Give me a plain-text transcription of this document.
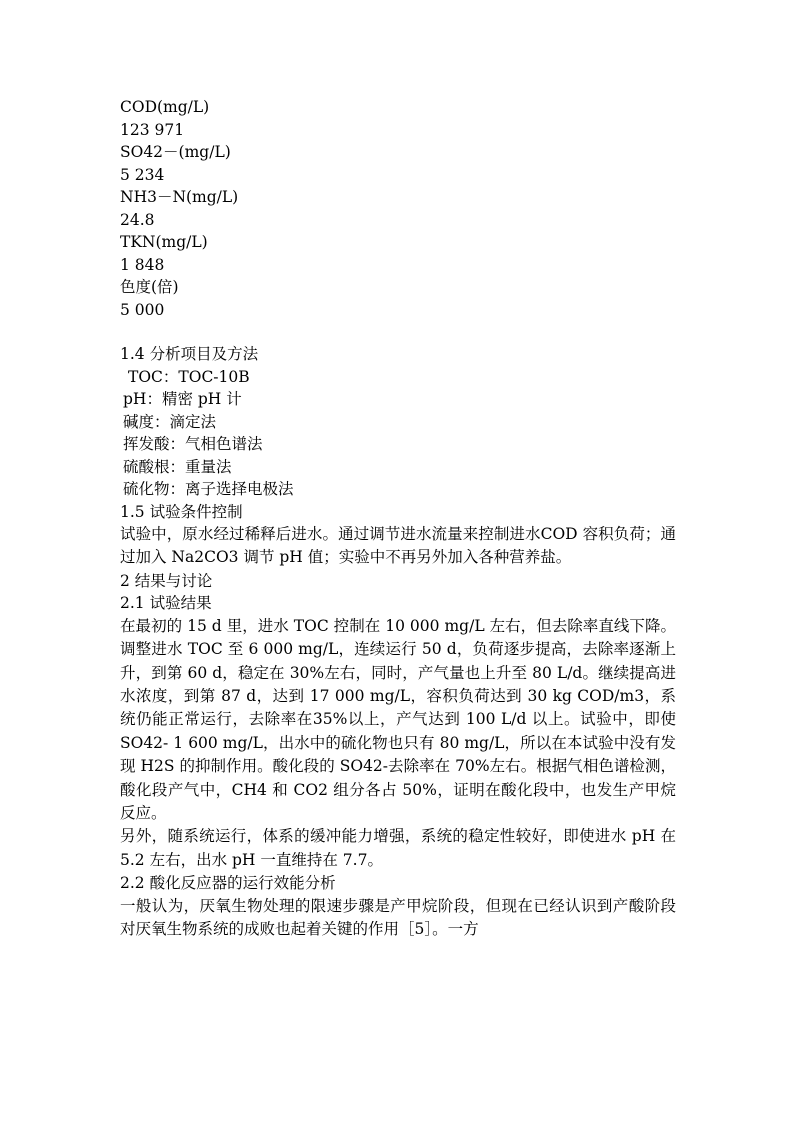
COD(mg/L)
123 971
SO42－(mg/L)
5 234
NH3－N(mg/L)
24.8
TKN(mg/L)
1 848
色度(倍)
5 000
1.4 分析项目及方法
TOC：TOC-10B
pH：精密 pH 计
碱度：滴定法
挥发酸：气相色谱法
硫酸根：重量法
硫化物：离子选择电极法
1.5 试验条件控制

试验中，原水经过稀释后进水。通过调节进水流量来控制进水COD 容积负荷；通过加入 Na2CO3 调节 pH 值；实验中不再另外加入各种营养盐。

2 结果与讨论
2.1 试验结果

在最初的 15 d 里，进水 TOC 控制在 10 000 mg/L 左右，但去除率直线下降。调整进水 TOC 至 6 000 mg/L，连续运行 50 d，负荷逐步提高，去除率逐渐上升，到第 60 d，稳定在 30%左右，同时，产气量也上升至 80 L/d。继续提高进水浓度，到第 87 d，达到 17 000 mg/L，容积负荷达到 30 kg COD/m3，系统仍能正常运行，去除率在35%以上，产气达到 100 L/d 以上。试验中，即使 SO42- 1 600 mg/L，出水中的硫化物也只有 80 mg/L，所以在本试验中没有发现 H2S 的抑制作用。酸化段的 SO42-去除率在 70%左右。根据气相色谱检测，酸化段产气中，CH4 和 CO2 组分各占 50%，证明在酸化段中，也发生产甲烷反应。

另外，随系统运行，体系的缓冲能力增强，系统的稳定性较好，即使进水 pH 在 5.2 左右，出水 pH 一直维持在 7.7。

2.2 酸化反应器的运行效能分析

一般认为，厌氧生物处理的限速步骤是产甲烷阶段，但现在已经认识到产酸阶段对厌氧生物系统的成败也起着关键的作用［5］。一方
